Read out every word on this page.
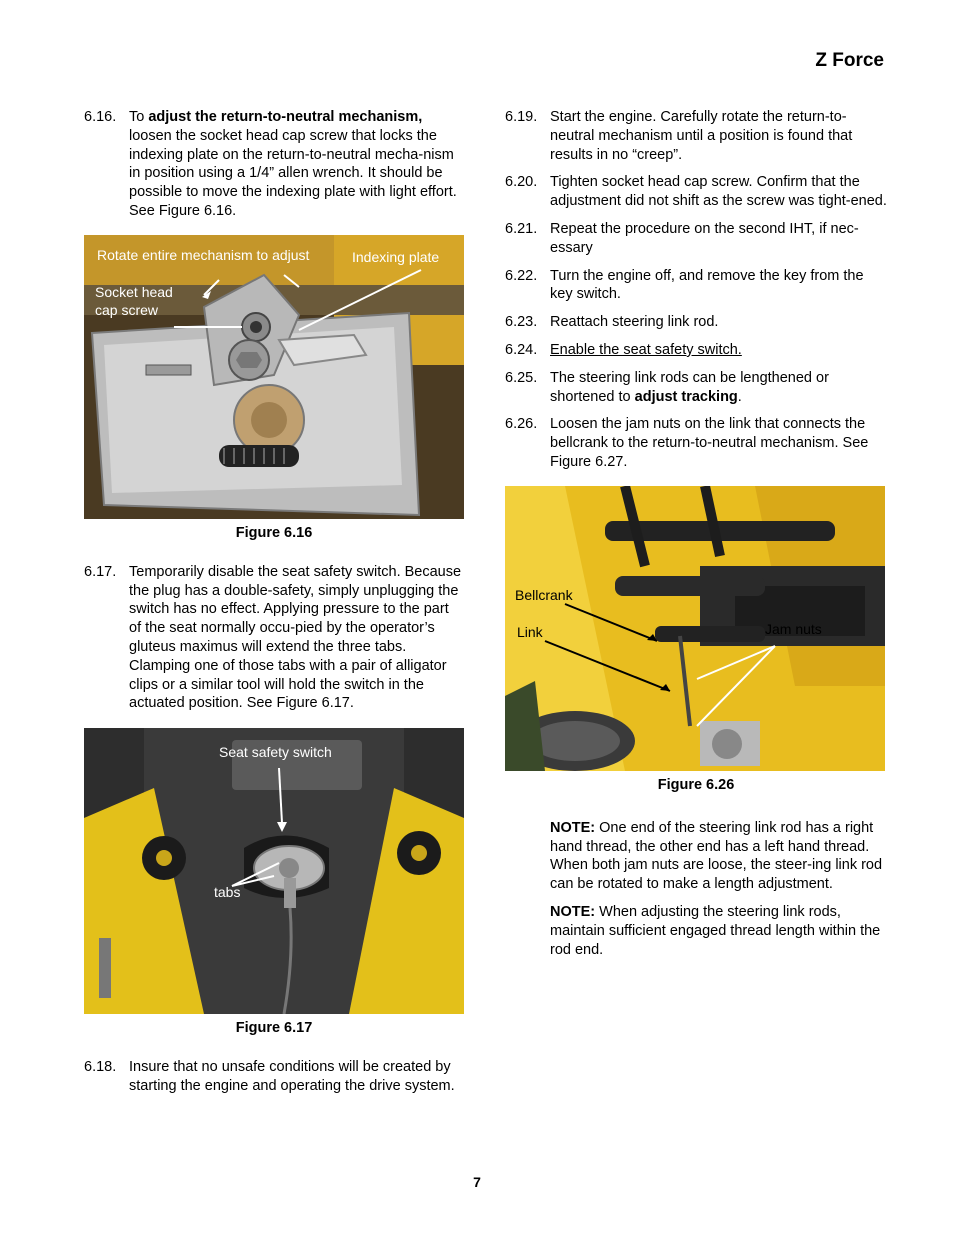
Z Force
6.16. To adjust the return-to-neutral mechanism, loosen the socket head cap screw that locks the indexing plate on the return-to-neutral mecha-nism in position using a 1/4” allen wrench. It should be possible to move the indexing plate with light effort. See Figure 6.16.
Rotate entire mechanism to adjust	Indexing plate
Socket head
cap screw
Figure 6.16
6.17. Temporarily disable the seat safety switch. Because the plug has a double-safety, simply unplugging the switch has no effect. Applying pressure to the part of the seat normally occu-pied by the operator’s gluteus maximus will extend the three tabs. Clamping one of those tabs with a pair of alligator clips or a similar tool will hold the switch in the actuated position. See Figure 6.17.
Seat safety switch
tabs
Figure 6.17
6.18. Insure that no unsafe conditions will be created by starting the engine and operating the drive system.
6.19. Start the engine. Carefully rotate the return-to-neutral mechanism until a position is found that results in no “creep”.
6.20. Tighten socket head cap screw. Confirm that the adjustment did not shift as the screw was tight-ened.
6.21. Repeat the procedure on the second IHT, if nec-essary
6.22. Turn the engine off, and remove the key from the key switch.
6.23. Reattach steering link rod.
6.24. Enable the seat safety switch.
6.25. The steering link rods can be lengthened or shortened to adjust tracking.
6.26. Loosen the jam nuts on the link that connects the bellcrank to the return-to-neutral mechanism. See Figure 6.27.
Bellcrank
Link	Jam nuts
Figure 6.26
NOTE: One end of the steering link rod has a right hand thread, the other end has a left hand thread. When both jam nuts are loose, the steer-ing link rod can be rotated to make a length adjustment.
NOTE: When adjusting the steering link rods, maintain sufficient engaged thread length within the rod end.
7
